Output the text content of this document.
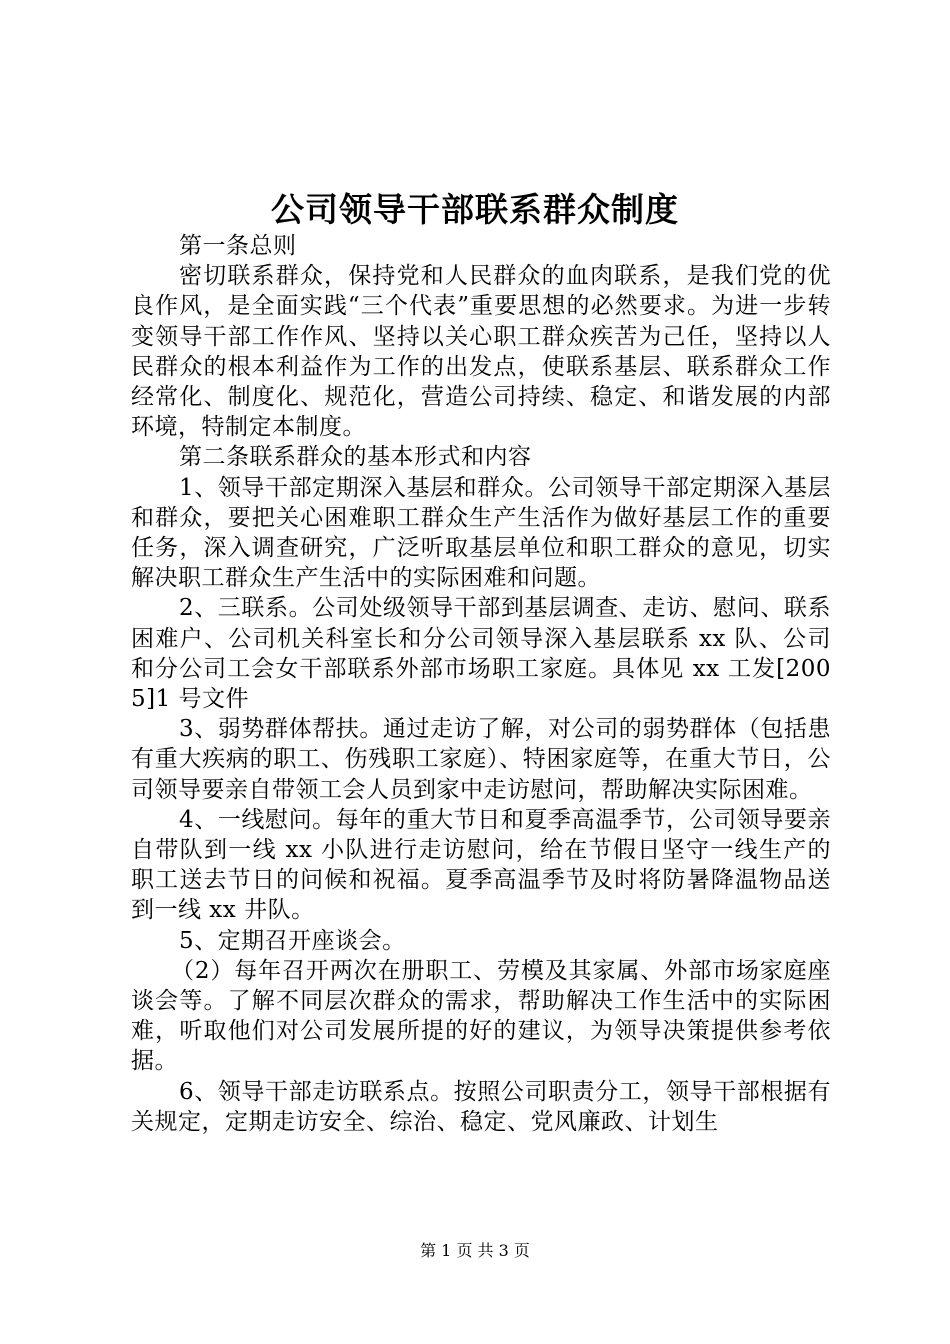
公司领导干部联系群众制度

第一条总则

密切联系群众，保持党和人民群众的血肉联系，是我们党的优良作风，是全面实践“三个代表”重要思想的必然要求。为进一步转变领导干部工作作风、坚持以关心职工群众疾苦为己任，坚持以人民群众的根本利益作为工作的出发点，使联系基层、联系群众工作经常化、制度化、规范化，营造公司持续、稳定、和谐发展的内部环境，特制定本制度。

第二条联系群众的基本形式和内容

1、领导干部定期深入基层和群众。公司领导干部定期深入基层和群众，要把关心困难职工群众生产生活作为做好基层工作的重要任务，深入调查研究，广泛听取基层单位和职工群众的意见，切实解决职工群众生产生活中的实际困难和问题。

2、三联系。公司处级领导干部到基层调查、走访、慰问、联系困难户、公司机关科室长和分公司领导深入基层联系 xx 队、公司和分公司工会女干部联系外部市场职工家庭。具体见 xx 工发[2005]1 号文件

3、弱势群体帮扶。通过走访了解，对公司的弱势群体（包括患有重大疾病的职工、伤残职工家庭）、特困家庭等，在重大节日，公司领导要亲自带领工会人员到家中走访慰问，帮助解决实际困难。

4、一线慰问。每年的重大节日和夏季高温季节，公司领导要亲自带队到一线 xx 小队进行走访慰问，给在节假日坚守一线生产的职工送去节日的问候和祝福。夏季高温季节及时将防暑降温物品送到一线 xx 井队。

5、定期召开座谈会。

（2）每年召开两次在册职工、劳模及其家属、外部市场家庭座谈会等。了解不同层次群众的需求，帮助解决工作生活中的实际困难，听取他们对公司发展所提的好的建议，为领导决策提供参考依据。

6、领导干部走访联系点。按照公司职责分工，领导干部根据有关规定，定期走访安全、综治、稳定、党风廉政、计划生

第 1 页 共 3 页
